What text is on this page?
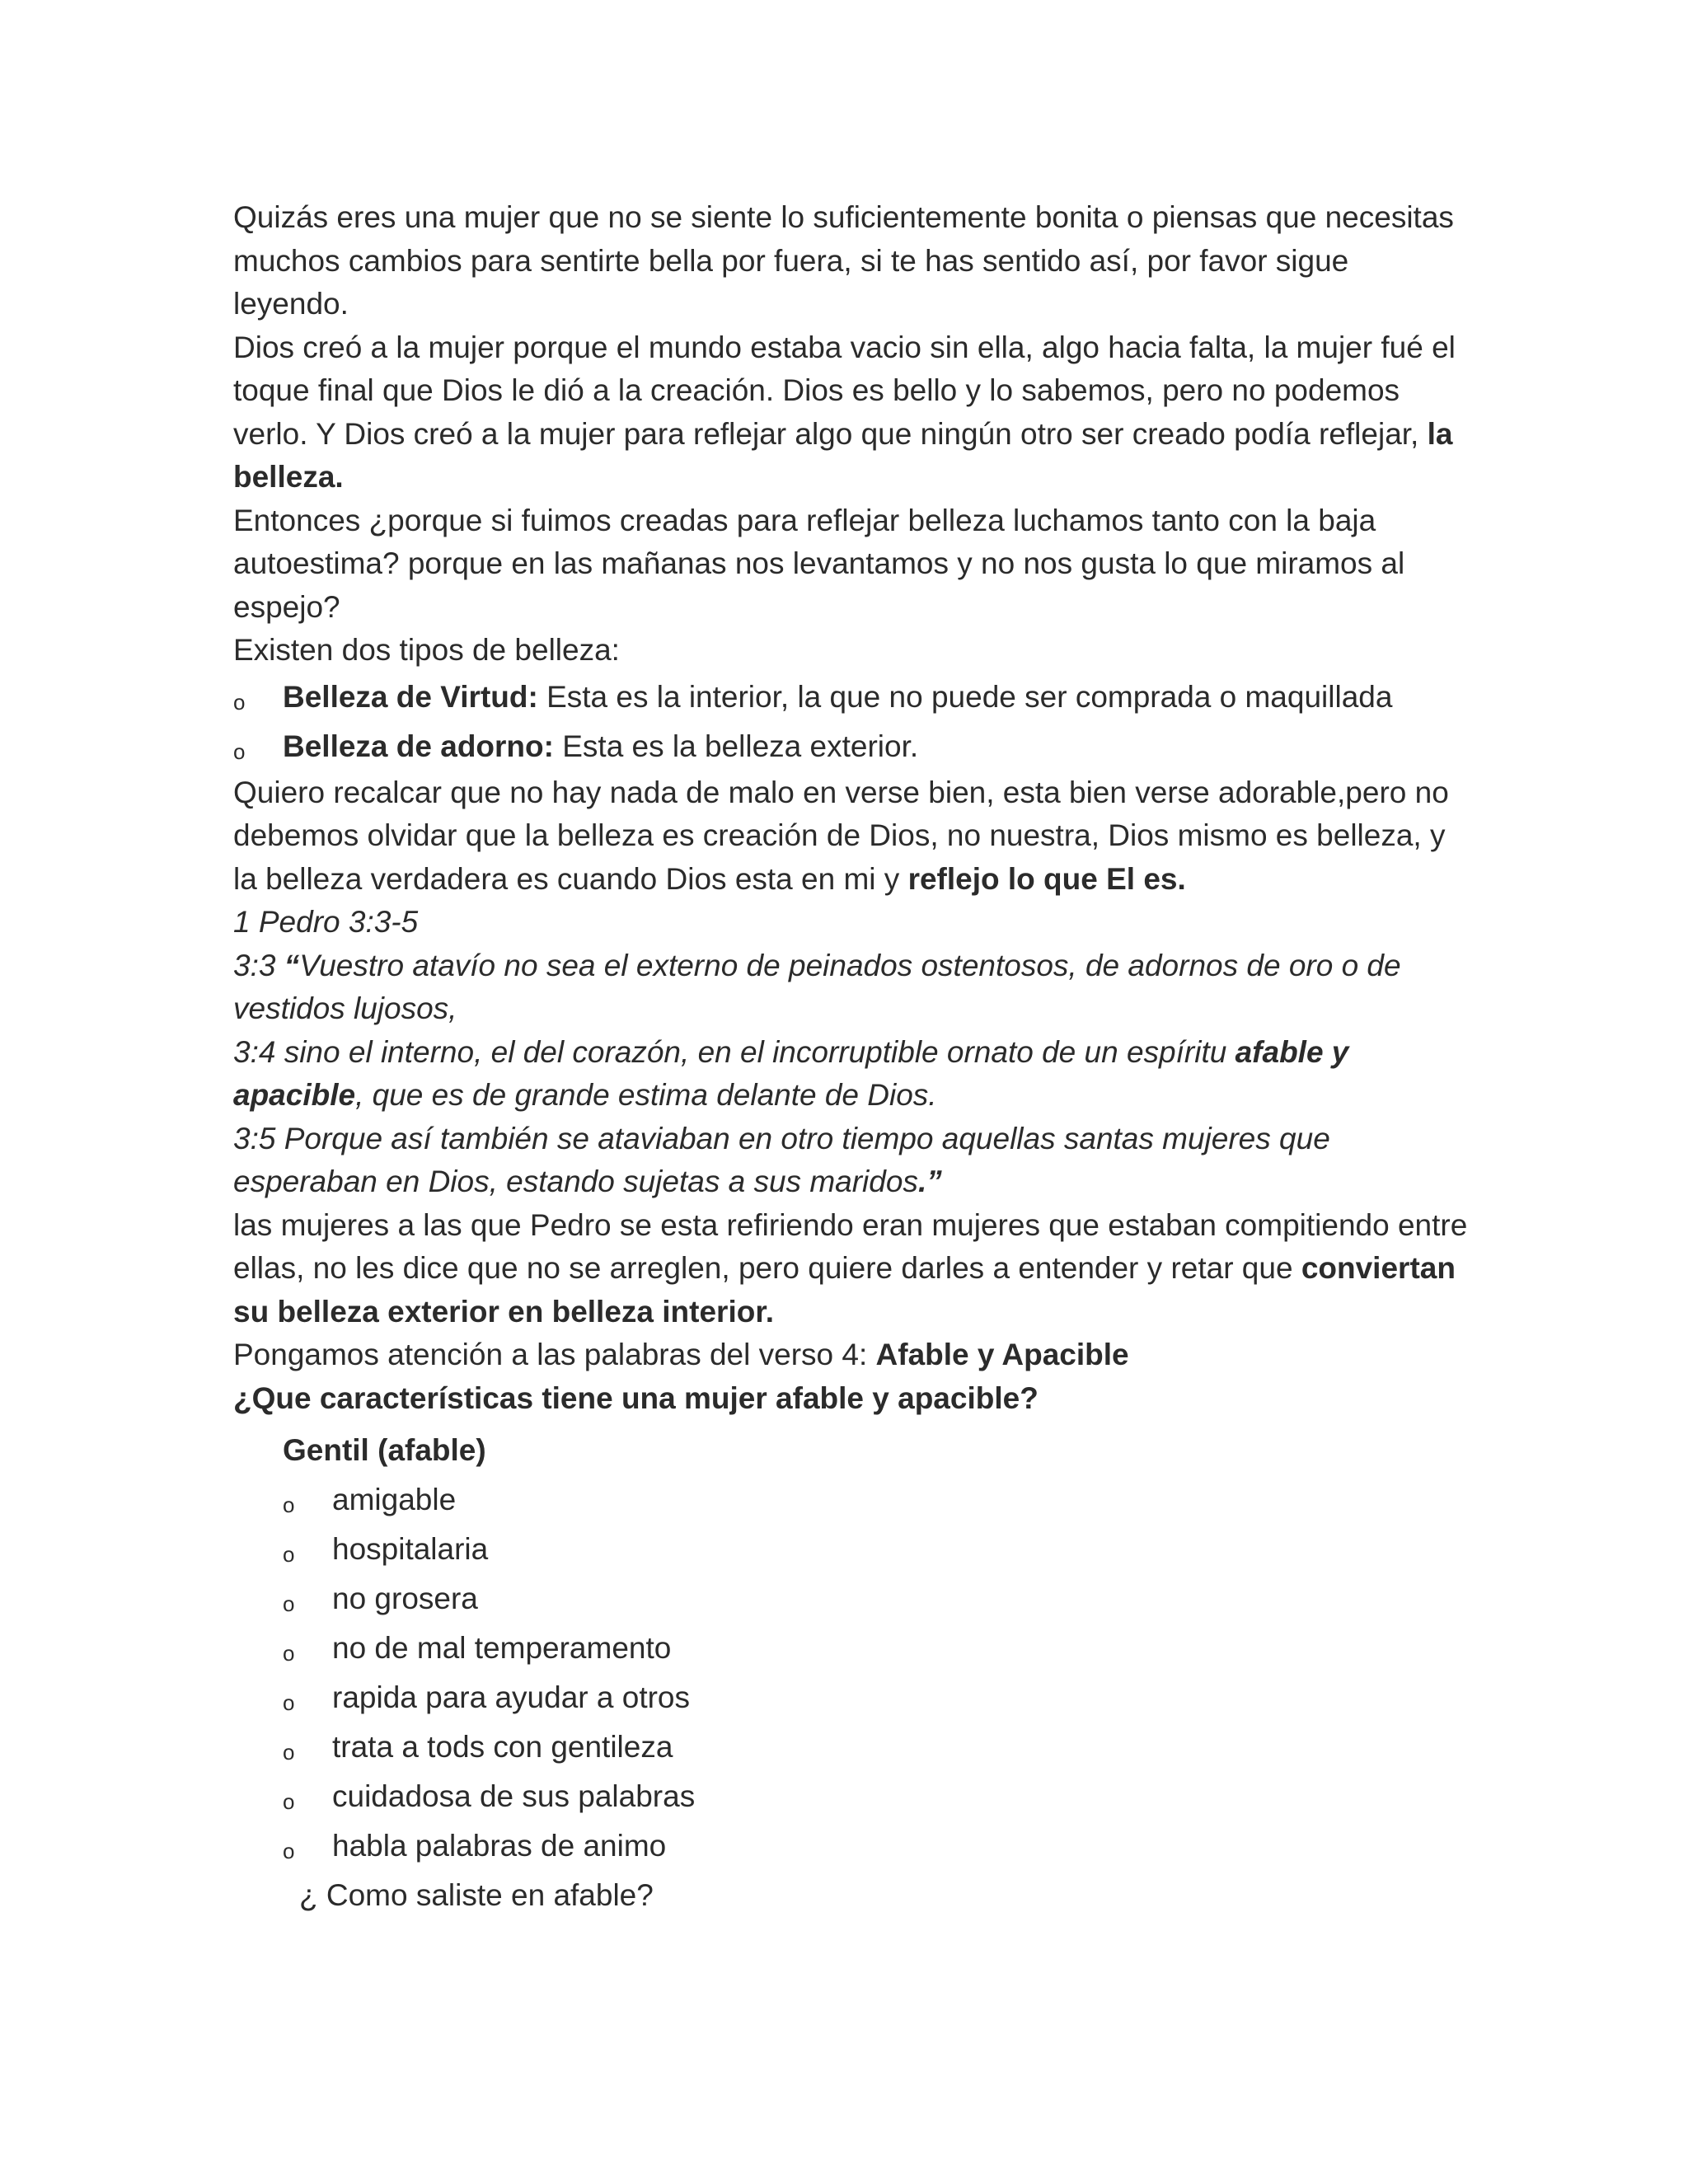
Quizás eres una mujer que no se siente lo suficientemente bonita o piensas que necesitas muchos cambios para sentirte bella por fuera, si te has sentido así, por favor sigue leyendo.

Dios creó a la mujer porque el mundo estaba vacio sin ella, algo hacia falta, la mujer fué el toque final que Dios le dió a la creación. Dios es bello y lo sabemos, pero no podemos verlo. Y Dios creó a la mujer para reflejar algo que ningún otro ser creado podía reflejar, la belleza.

Entonces ¿porque si fuimos creadas para reflejar belleza luchamos tanto con la baja autoestima? porque en las mañanas nos levantamos y no nos gusta lo que miramos al espejo?

Existen dos tipos de belleza:

o Belleza de Virtud: Esta es la interior, la que no puede ser comprada o maquillada
o Belleza de adorno: Esta es la belleza exterior.

Quiero recalcar que no hay nada de malo en verse bien, esta bien verse adorable,pero no debemos olvidar que la belleza es creación de Dios, no nuestra, Dios mismo es belleza, y la belleza verdadera es cuando Dios esta en mi y reflejo lo que El es.

1 Pedro 3:3-5

3:3 “Vuestro atavío no sea el externo de peinados ostentosos, de adornos de oro o de vestidos lujosos,

3:4 sino el interno, el del corazón, en el incorruptible ornato de un espíritu afable y apacible, que es de grande estima delante de Dios.

3:5 Porque así también se ataviaban en otro tiempo aquellas santas mujeres que esperaban en Dios, estando sujetas a sus maridos.”

las mujeres a las que Pedro se esta refiriendo eran mujeres que estaban compitiendo entre ellas, no les dice que no se arreglen, pero quiere darles a entender y retar que conviertan su belleza exterior en belleza interior.

Pongamos atención a las palabras del verso 4: Afable y Apacible

¿Que características tiene una mujer afable y apacible?

Gentil (afable)

o amigable
o hospitalaria
o no grosera
o no de mal temperamento
o rapida para ayudar a otros
o trata a tods con gentileza
o cuidadosa de sus palabras
o habla palabras de animo

¿ Como saliste en afable?
